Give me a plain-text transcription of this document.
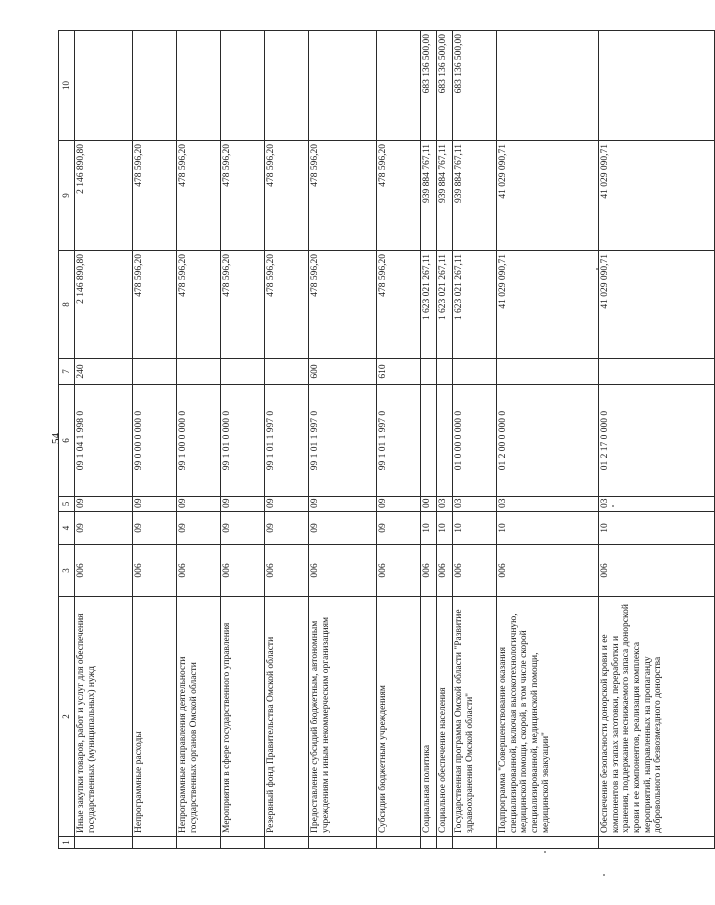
54
1	2	3	4	5	6	7	8	9	10
	Иные закупки товаров, работ и услуг для обеспечения государственных (муниципальных) нужд	006	09	09	09 1 04 1 998 0	240	2 146 890,80	2 146 890,80	
	Непрограммные расходы	006	09	09	99 0 00 0 000 0		478 596,20	478 596,20	
	Непрограммные направления деятельности государственных органов Омской области	006	09	09	99 1 00 0 000 0		478 596,20	478 596,20	
	Мероприятия в сфере государственного управления	006	09	09	99 1 01 0 000 0		478 596,20	478 596,20	
	Резервный фонд Правительства Омской области	006	09	09	99 1 01 1 997 0		478 596,20	478 596,20	
	Предоставление субсидий бюджетным, автономным учреждениям и иным некоммерческим организациям	006	09	09	99 1 01 1 997 0	600	478 596,20	478 596,20	
	Субсидии бюджетным учреждениям	006	09	09	99 1 01 1 997 0	610	478 596,20	478 596,20	
	Социальная политика	006	10	00			1 623 021 267,11	939 884 767,11	683 136 500,00
	Социальное обеспечение населения	006	10	03			1 623 021 267,11	939 884 767,11	683 136 500,00
	Государственная программа Омской области "Развитие здравоохранения Омской области"	006	10	03	01 0 00 0 000 0		1 623 021 267,11	939 884 767,11	683 136 500,00
	Подпрограмма "Совершенствование оказания специализированной, включая высокотехнологичную, медицинской помощи, скорой, в том числе скорой специализированной, медицинской помощи, медицинской эвакуации"	006	10	03	01 2 00 0 000 0		41 029 090,71	41 029 090,71	
	Обеспечение безопасности донорской крови и ее компонентов на этапах заготовки, переработки и хранения, поддержание неснижаемого запаса донорской крови и ее компонентов, реализация комплекса мероприятий, направленных на пропаганду добровольного и безвозмездного донорства	006	10	03	01 2 17 0 000 0		41 029 090,71	41 029 090,71	
